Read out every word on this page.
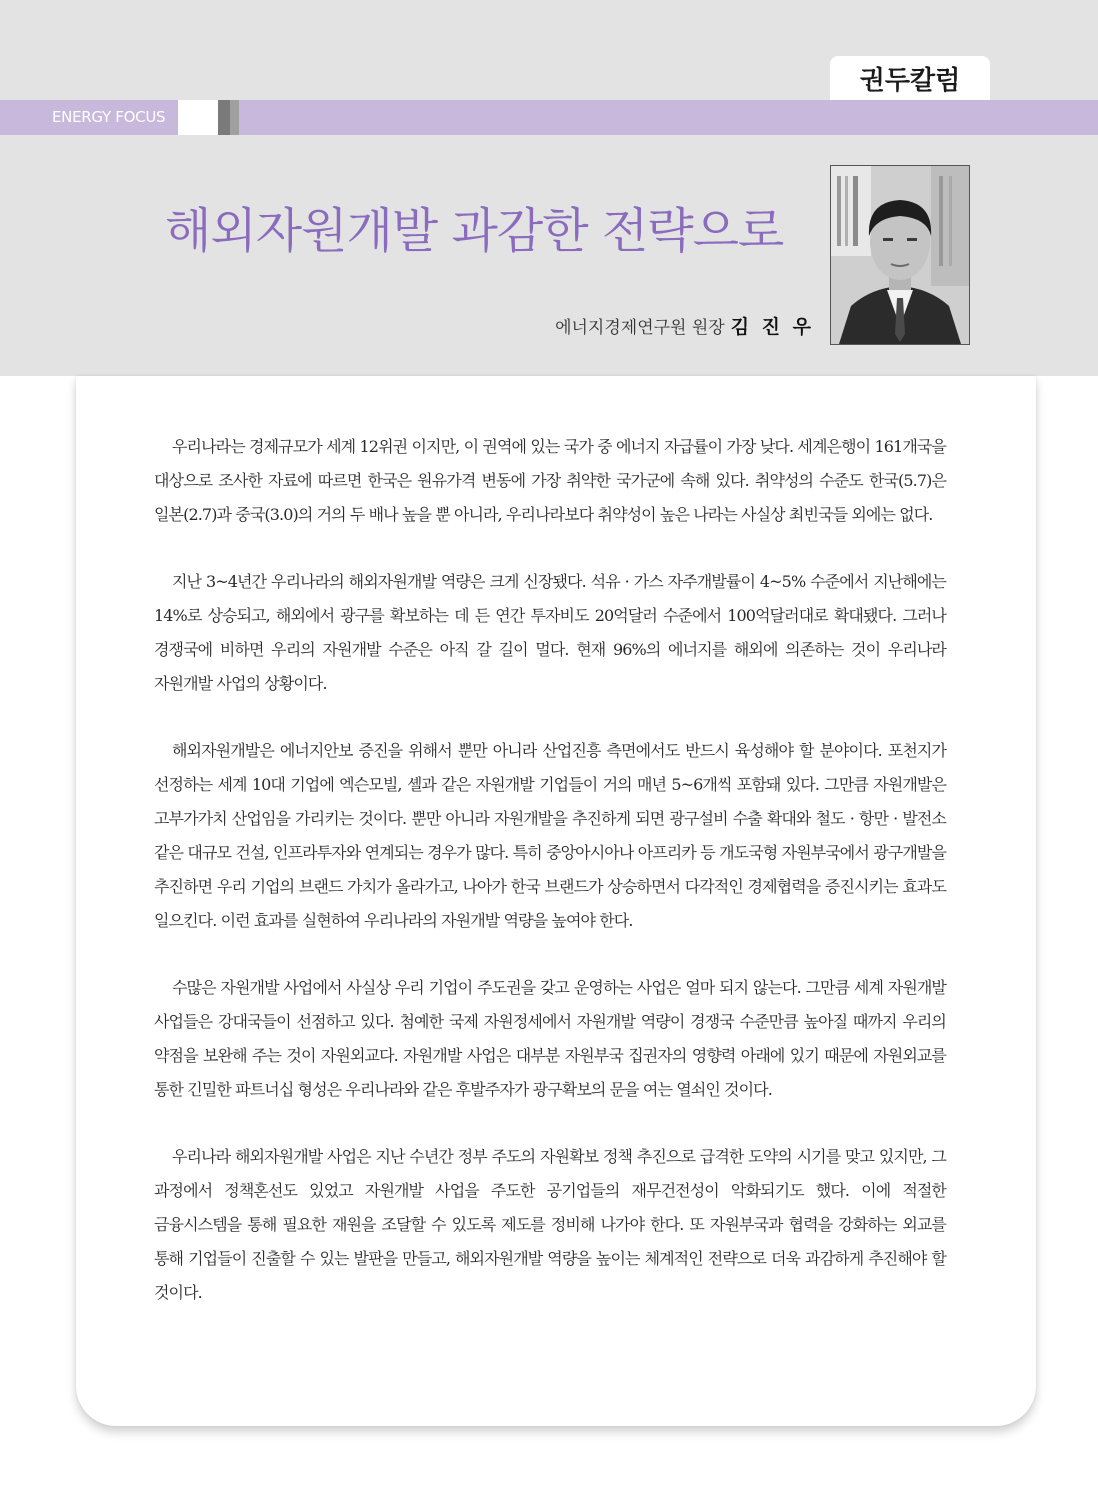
ENERGY FOCUS
권두칼럼
해외자원개발 과감한 전략으로
에너지경제연구원 원장 김 진 우

우리나라는 경제규모가 세계 12위권 이지만, 이 권역에 있는 국가 중 에너지 자급률이 가장 낮다. 세계은행이 161개국을 대상으로 조사한 자료에 따르면 한국은 원유가격 변동에 가장 취약한 국가군에 속해 있다. 취약성의 수준도 한국(5.7)은 일본(2.7)과 중국(3.0)의 거의 두 배나 높을 뿐 아니라, 우리나라보다 취약성이 높은 나라는 사실상 최빈국들 외에는 없다.

지난 3~4년간 우리나라의 해외자원개발 역량은 크게 신장됐다. 석유 · 가스 자주개발률이 4~5% 수준에서 지난해에는 14%로 상승되고, 해외에서 광구를 확보하는 데 든 연간 투자비도 20억달러 수준에서 100억달러대로 확대됐다. 그러나 경쟁국에 비하면 우리의 자원개발 수준은 아직 갈 길이 멀다. 현재 96%의 에너지를 해외에 의존하는 것이 우리나라 자원개발 사업의 상황이다.

해외자원개발은 에너지안보 증진을 위해서 뿐만 아니라 산업진흥 측면에서도 반드시 육성해야 할 분야이다. 포천지가 선정하는 세계 10대 기업에 엑슨모빌, 셸과 같은 자원개발 기업들이 거의 매년 5~6개씩 포함돼 있다. 그만큼 자원개발은 고부가가치 산업임을 가리키는 것이다. 뿐만 아니라 자원개발을 추진하게 되면 광구설비 수출 확대와 철도 · 항만 · 발전소 같은 대규모 건설, 인프라투자와 연계되는 경우가 많다. 특히 중앙아시아나 아프리카 등 개도국형 자원부국에서 광구개발을 추진하면 우리 기업의 브랜드 가치가 올라가고, 나아가 한국 브랜드가 상승하면서 다각적인 경제협력을 증진시키는 효과도 일으킨다. 이런 효과를 실현하여 우리나라의 자원개발 역량을 높여야 한다.

수많은 자원개발 사업에서 사실상 우리 기업이 주도권을 갖고 운영하는 사업은 얼마 되지 않는다. 그만큼 세계 자원개발 사업들은 강대국들이 선점하고 있다. 첨예한 국제 자원정세에서 자원개발 역량이 경쟁국 수준만큼 높아질 때까지 우리의 약점을 보완해 주는 것이 자원외교다. 자원개발 사업은 대부분 자원부국 집권자의 영향력 아래에 있기 때문에 자원외교를 통한 긴밀한 파트너십 형성은 우리나라와 같은 후발주자가 광구확보의 문을 여는 열쇠인 것이다.

우리나라 해외자원개발 사업은 지난 수년간 정부 주도의 자원확보 정책 추진으로 급격한 도약의 시기를 맞고 있지만, 그 과정에서 정책혼선도 있었고 자원개발 사업을 주도한 공기업들의 재무건전성이 악화되기도 했다. 이에 적절한 금융시스템을 통해 필요한 재원을 조달할 수 있도록 제도를 정비해 나가야 한다. 또 자원부국과 협력을 강화하는 외교를 통해 기업들이 진출할 수 있는 발판을 만들고, 해외자원개발 역량을 높이는 체계적인 전략으로 더욱 과감하게 추진해야 할 것이다.
